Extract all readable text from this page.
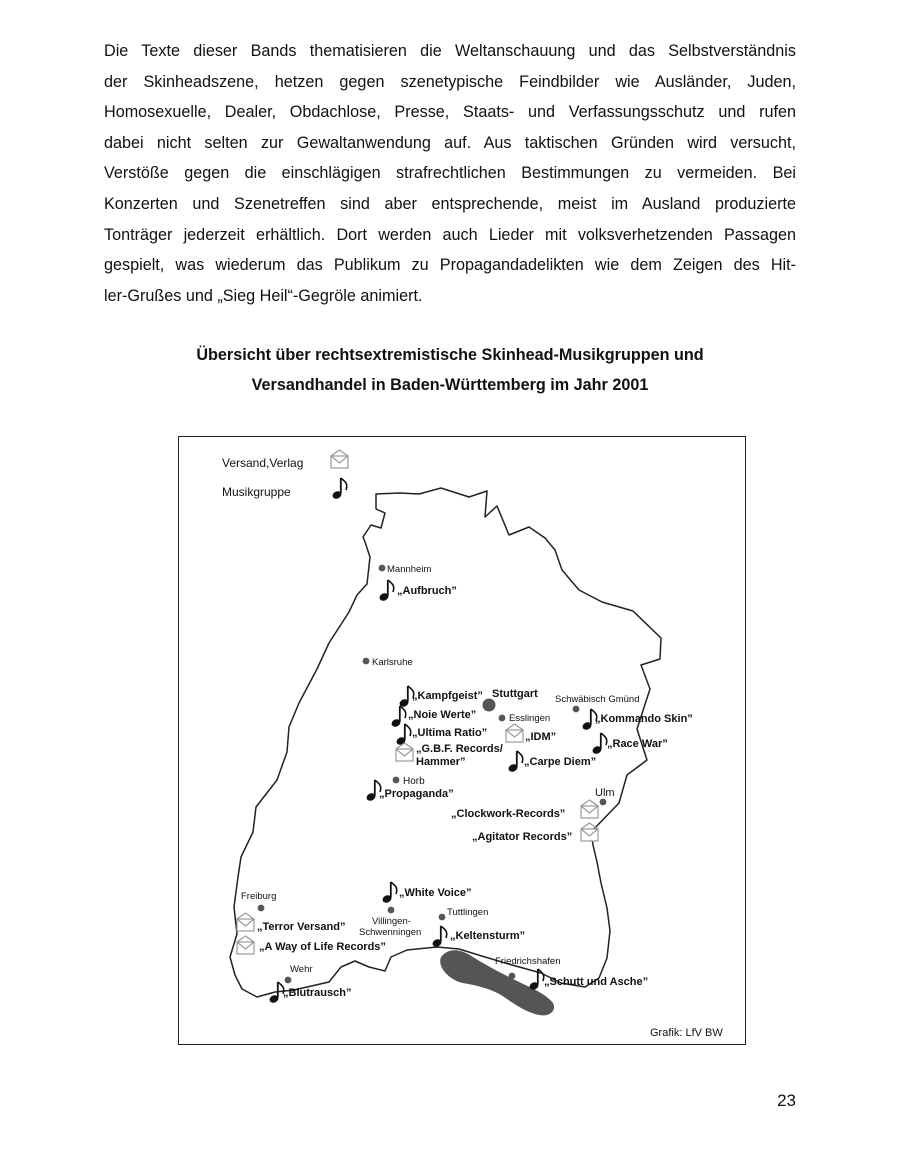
Die Texte dieser Bands thematisieren die Weltanschauung und das Selbstverständnis
der Skinheadszene, hetzen gegen szenetypische Feindbilder wie Ausländer, Juden,
Homosexuelle, Dealer, Obdachlose, Presse, Staats- und Verfassungsschutz und rufen
dabei nicht selten zur Gewaltanwendung auf. Aus taktischen Gründen wird versucht,
Verstöße gegen die einschlägigen strafrechtlichen Bestimmungen zu vermeiden. Bei
Konzerten und Szenetreffen sind aber entsprechende, meist im Ausland produzierte
Tonträger jederzeit erhältlich. Dort werden auch Lieder mit volksverhetzenden Passagen
gespielt, was wiederum das Publikum zu Propagandadelikten wie dem Zeigen des Hit-
ler-Grußes und „Sieg Heil“-Gegröle animiert.
Übersicht über rechtsextremistische Skinhead-Musikgruppen und
Versandhandel in Baden-Württemberg im Jahr 2001
Versand,Verlag
Musikgruppe
Mannheim
„Aufbruch”
Karlsruhe
„Kampfgeist” Stuttgart Schwäbisch Gmünd
„Noie Werte”	Esslingen	„Kommando Skin”
„Ultima Ratio”	„IDM”
„Race War”
„G.B.F. Records/
Hammer”	„Carpe Diem”
Horb
„Propaganda”	Ulm
„Clockwork-Records”
„Agitator Records”
Freiburg
„Terror Versand”
„A Way of Life Records”
„White Voice”
Villingen-
Schwenningen
Tuttlingen
„Keltensturm”
Wehr
„Blutrausch”
Friedrichshafen
„Schutt und Asche”
Grafik: LfV BW
23
